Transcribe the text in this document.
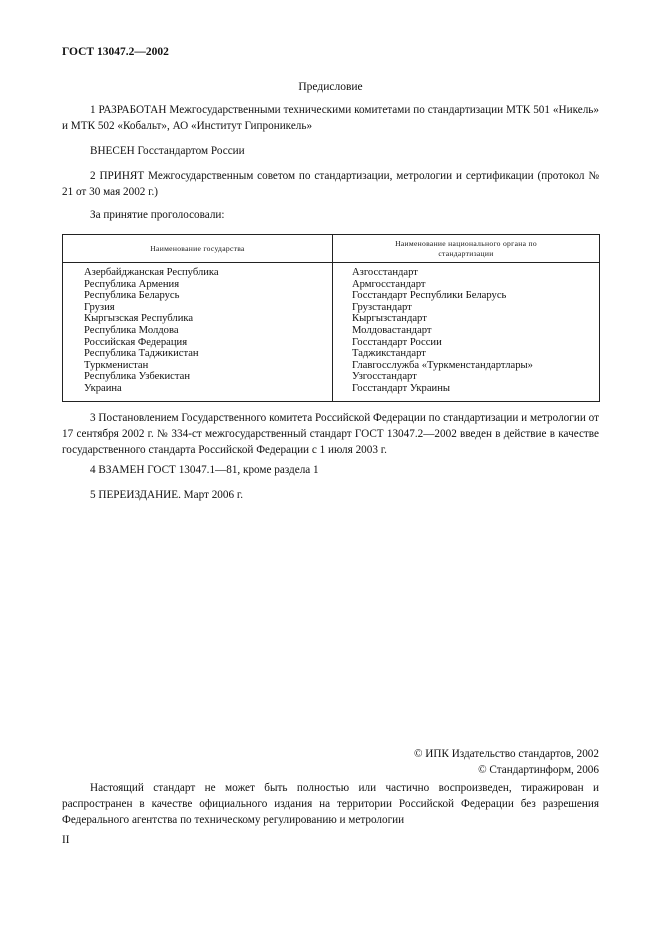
ГОСТ 13047.2—2002
Предисловие
1 РАЗРАБОТАН Межгосударственными техническими комитетами по стандартизации МТК 501 «Никель» и МТК 502 «Кобальт», АО «Институт Гипроникель»
ВНЕСЕН Госстандартом России
2 ПРИНЯТ Межгосударственным советом по стандартизации, метрологии и сертификации (протокол № 21 от 30 мая 2002 г.)
За принятие проголосовали:
Наименование государства
Наименование национального органа по стандартизации
Азербайджанская Республика
Республика Армения
Республика Беларусь
Грузия
Кыргызская Республика
Республика Молдова
Российская Федерация
Республика Таджикистан
Туркменистан
Республика Узбекистан
Украина
Азгосстандарт
Армгосстандарт
Госстандарт Республики Беларусь
Грузстандарт
Кыргызстандарт
Молдовастандарт
Госстандарт России
Таджикстандарт
Главгосслужба «Туркменстандартлары»
Узгосстандарт
Госстандарт Украины
3 Постановлением Государственного комитета Российской Федерации по стандартизации и метрологии от 17 сентября 2002 г. № 334-ст межгосударственный стандарт ГОСТ 13047.2—2002 введен в действие в качестве государственного стандарта Российской Федерации с 1 июля 2003 г.
4 ВЗАМЕН ГОСТ 13047.1—81, кроме раздела 1
5 ПЕРЕИЗДАНИЕ. Март 2006 г.
© ИПК Издательство стандартов, 2002
© Стандартинформ, 2006
Настоящий стандарт не может быть полностью или частично воспроизведен, тиражирован и распространен в качестве официального издания на территории Российской Федерации без разрешения Федерального агентства по техническому регулированию и метрологии
II
